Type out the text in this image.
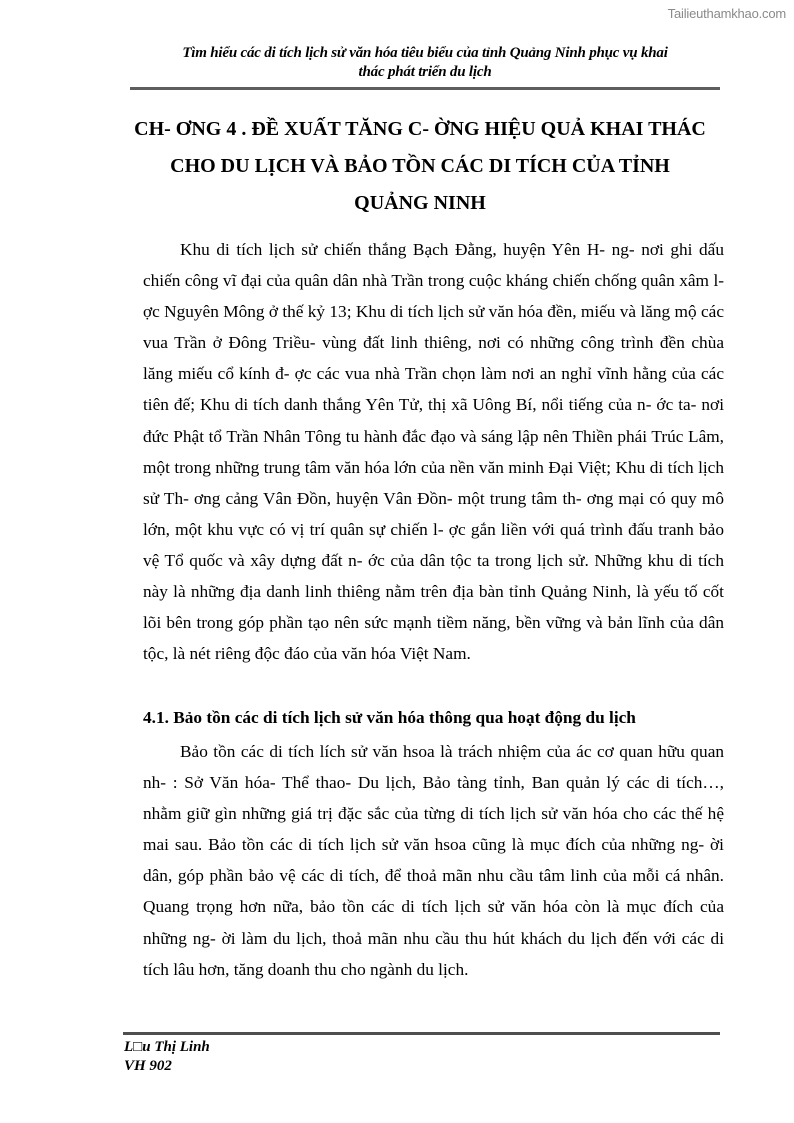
Tailieuthamkhao.com
Tìm hiểu các di tích lịch sử văn hóa tiêu biểu của tỉnh Quảng Ninh phục vụ khai
thác phát triển du lịch
CH- ƠNG 4 . ĐỀ XUẤT TĂNG C- ỜNG HIỆU QUẢ KHAI THÁC
CHO DU LỊCH VÀ BẢO TỒN CÁC DI TÍCH CỦA TỈNH
QUẢNG NINH

Khu di tích lịch sử chiến thắng Bạch Đằng, huyện Yên H- ng- nơi ghi dấu chiến công vĩ đại của quân dân nhà Trần trong cuộc kháng chiến chống quân xâm l- ợc Nguyên Mông ở thế kỷ 13; Khu di tích lịch sử văn hóa đền, miếu và lăng mộ các vua Trần ở Đông Triều- vùng đất linh thiêng, nơi có những công trình đền chùa lăng miếu cổ kính đ- ợc các vua nhà Trần chọn làm nơi an nghỉ vĩnh hằng của các tiên đế; Khu di tích danh thắng Yên Tử, thị xã Uông Bí, nổi tiếng của n- ớc ta- nơi đức Phật tổ Trần Nhân Tông tu hành đắc đạo và sáng lập nên Thiền phái Trúc Lâm, một trong những trung tâm văn hóa lớn của nền văn minh Đại Việt; Khu di tích lịch sử Th- ơng cảng Vân Đồn, huyện Vân Đồn- một trung tâm th- ơng mại có quy mô lớn, một khu vực có vị trí quân sự chiến l- ợc gắn liền với quá trình đấu tranh bảo vệ Tổ quốc và xây dựng đất n- ớc của dân tộc ta trong lịch sử. Những khu di tích này là những địa danh linh thiêng nằm trên địa bàn tỉnh Quảng Ninh, là yếu tố cốt lõi bên trong góp phần tạo nên sức mạnh tiềm năng, bền vững và bản lĩnh của dân tộc, là nét riêng độc đáo của văn hóa Việt Nam.

4.1. Bảo tồn các di tích lịch sử văn hóa thông qua hoạt động du lịch

Bảo tồn các di tích lích sử văn hsoa là trách nhiệm của ác cơ quan hữu quan nh- : Sở Văn hóa- Thể thao- Du lịch, Bảo tàng tỉnh, Ban quản lý các di tích…, nhằm giữ gìn những giá trị đặc sắc của từng di tích lịch sử văn hóa cho các thế hệ mai sau. Bảo tồn các di tích lịch sử văn hsoa cũng là mục đích của những ng- ời dân, góp phần bảo vệ các di tích, để thoả mãn nhu cầu tâm linh của mỗi cá nhân. Quang trọng hơn nữa, bảo tồn các di tích lịch sử văn hóa còn là mục đích của những ng- ời làm du lịch, thoả mãn nhu cầu thu hút khách du lịch đến với các di tích lâu hơn, tăng doanh thu cho ngành du lịch.

L□u Thị Linh
VH 902
